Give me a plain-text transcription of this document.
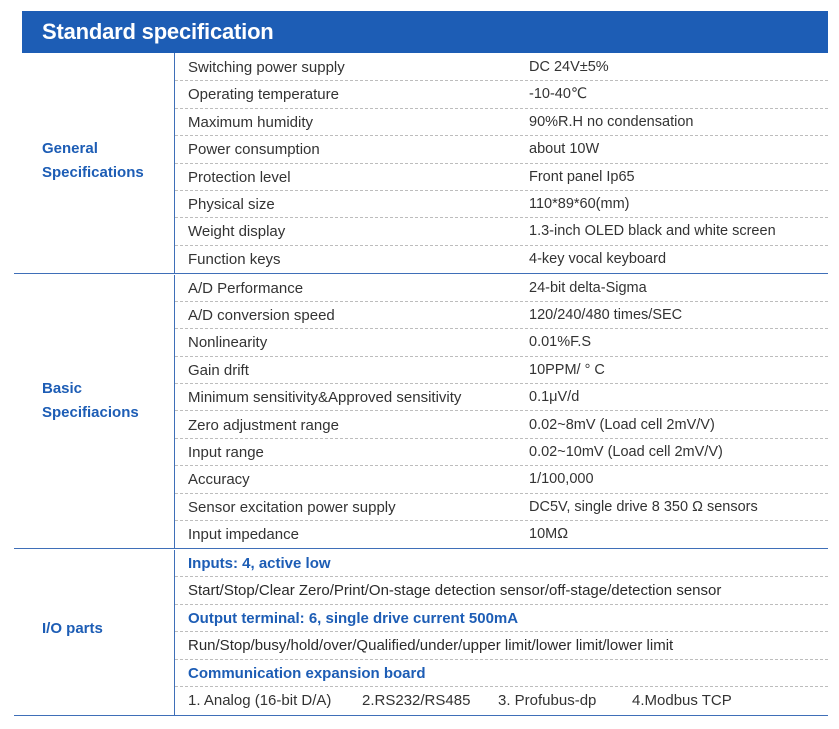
Standard specification
General
Specifications
Switching power supply	DC 24V±5%
Operating temperature	-10-40℃
Maximum humidity	90%R.H no condensation
Power consumption	about 10W
Protection level	Front panel Ip65
Physical size	110*89*60(mm)
Weight display	1.3-inch OLED black and white screen
Function keys	4-key vocal keyboard
Basic
Specifiacions
A/D Performance	24-bit delta-Sigma
A/D conversion speed	120/240/480 times/SEC
Nonlinearity	0.01%F.S
Gain drift	10PPM/ ° C
Minimum sensitivity&Approved sensitivity	0.1μV/d
Zero adjustment range	0.02~8mV (Load cell 2mV/V)
Input range	0.02~10mV (Load cell 2mV/V)
Accuracy	1/100,000
Sensor excitation power supply	DC5V, single drive 8 350 Ω sensors
Input impedance	10MΩ
I/O parts
Inputs: 4, active low
Start/Stop/Clear Zero/Print/On-stage detection sensor/off-stage/detection sensor
Output terminal: 6, single drive current 500mA
Run/Stop/busy/hold/over/Qualified/under/upper limit/lower limit/lower limit
Communication expansion board
1. Analog (16-bit D/A) 2.RS232/RS485 3. Profubus-dp 4.Modbus TCP
